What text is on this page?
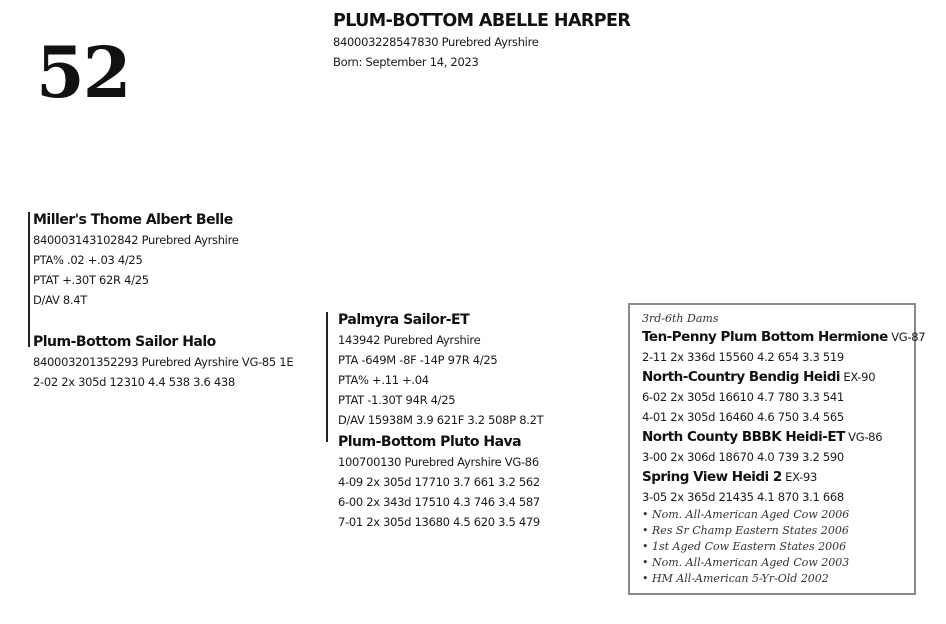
52
PLUM-BOTTOM ABELLE HARPER
840003228547830 Purebred Ayrshire
Born: September 14, 2023
Miller's Thome Albert Belle
840003143102842 Purebred Ayrshire
PTA% .02 +.03 4/25
PTAT +.30T 62R 4/25
D/AV 8.4T
Plum-Bottom Sailor Halo
840003201352293 Purebred Ayrshire VG-85 1E
2-02 2x 305d 12310 4.4 538 3.6 438
Palmyra Sailor-ET
143942 Purebred Ayrshire
PTA -649M -8F -14P 97R 4/25
PTA% +.11 +.04
PTAT -1.30T 94R 4/25
D/AV 15938M 3.9 621F 3.2 508P 8.2T
Plum-Bottom Pluto Hava
100700130 Purebred Ayrshire VG-86
4-09 2x 305d 17710 3.7 661 3.2 562
6-00 2x 343d 17510 4.3 746 3.4 587
7-01 2x 305d 13680 4.5 620 3.5 479
3rd-6th Dams
Ten-Penny Plum Bottom Hermione VG-87
2-11 2x 336d 15560 4.2 654 3.3 519
North-Country Bendig Heidi EX-90
6-02 2x 305d 16610 4.7 780 3.3 541
4-01 2x 305d 16460 4.6 750 3.4 565
North County BBBK Heidi-ET VG-86
3-00 2x 306d 18670 4.0 739 3.2 590
Spring View Heidi 2 EX-93
3-05 2x 365d 21435 4.1 870 3.1 668
• Nom. All-American Aged Cow 2006
• Res Sr Champ Eastern States 2006
• 1st Aged Cow Eastern States 2006
• Nom. All-American Aged Cow 2003
• HM All-American 5-Yr-Old 2002
